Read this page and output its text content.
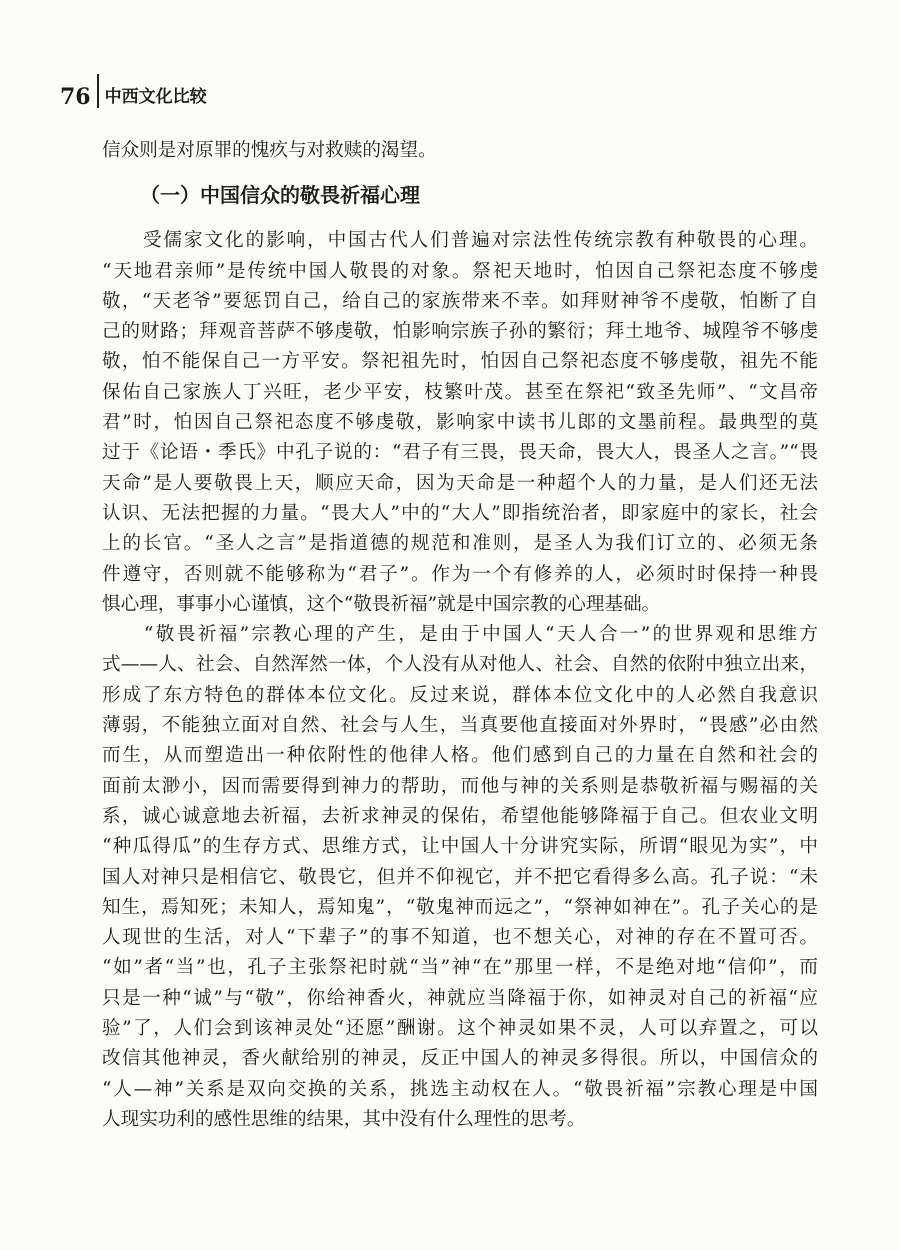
76 中西文化比较
信众则是对原罪的愧疚与对救赎的渴望。
（一）中国信众的敬畏祈福心理
　　受儒家文化的影响，中国古代人们普遍对宗法性传统宗教有种敬畏的心理。
“天地君亲师”是传统中国人敬畏的对象。祭祀天地时，怕因自己祭祀态度不够虔
敬，“天老爷”要惩罚自己，给自己的家族带来不幸。如拜财神爷不虔敬，怕断了自
己的财路；拜观音菩萨不够虔敬，怕影响宗族子孙的繁衍；拜土地爷、城隍爷不够虔
敬，怕不能保自己一方平安。祭祀祖先时，怕因自己祭祀态度不够虔敬，祖先不能
保佑自己家族人丁兴旺，老少平安，枝繁叶茂。甚至在祭祀“致圣先师”、“文昌帝
君”时，怕因自己祭祀态度不够虔敬，影响家中读书儿郎的文墨前程。最典型的莫
过于《论语・季氏》中孔子说的：“君子有三畏，畏天命，畏大人，畏圣人之言。”“畏
天命”是人要敬畏上天，顺应天命，因为天命是一种超个人的力量，是人们还无法
认识、无法把握的力量。“畏大人”中的“大人”即指统治者，即家庭中的家长，社会
上的长官。“圣人之言”是指道德的规范和准则，是圣人为我们订立的、必须无条
件遵守，否则就不能够称为“君子”。作为一个有修养的人，必须时时保持一种畏
惧心理，事事小心谨慎，这个“敬畏祈福”就是中国宗教的心理基础。
　　“敬畏祈福”宗教心理的产生，是由于中国人“天人合一”的世界观和思维方
式——人、社会、自然浑然一体，个人没有从对他人、社会、自然的依附中独立出来，
形成了东方特色的群体本位文化。反过来说，群体本位文化中的人必然自我意识
薄弱，不能独立面对自然、社会与人生，当真要他直接面对外界时，“畏感”必由然
而生，从而塑造出一种依附性的他律人格。他们感到自己的力量在自然和社会的
面前太渺小，因而需要得到神力的帮助，而他与神的关系则是恭敬祈福与赐福的关
系，诚心诚意地去祈福，去祈求神灵的保佑，希望他能够降福于自己。但农业文明
“种瓜得瓜”的生存方式、思维方式，让中国人十分讲究实际，所谓“眼见为实”，中
国人对神只是相信它、敬畏它，但并不仰视它，并不把它看得多么高。孔子说：“未
知生，焉知死；未知人，焉知鬼”，“敬鬼神而远之”，“祭神如神在”。孔子关心的是
人现世的生活，对人“下辈子”的事不知道，也不想关心，对神的存在不置可否。
“如”者“当”也，孔子主张祭祀时就“当”神“在”那里一样，不是绝对地“信仰”，而
只是一种“诚”与“敬”，你给神香火，神就应当降福于你，如神灵对自己的祈福“应
验”了，人们会到该神灵处“还愿”酬谢。这个神灵如果不灵，人可以弃置之，可以
改信其他神灵，香火献给别的神灵，反正中国人的神灵多得很。所以，中国信众的
“人—神”关系是双向交换的关系，挑选主动权在人。“敬畏祈福”宗教心理是中国
人现实功利的感性思维的结果，其中没有什么理性的思考。
